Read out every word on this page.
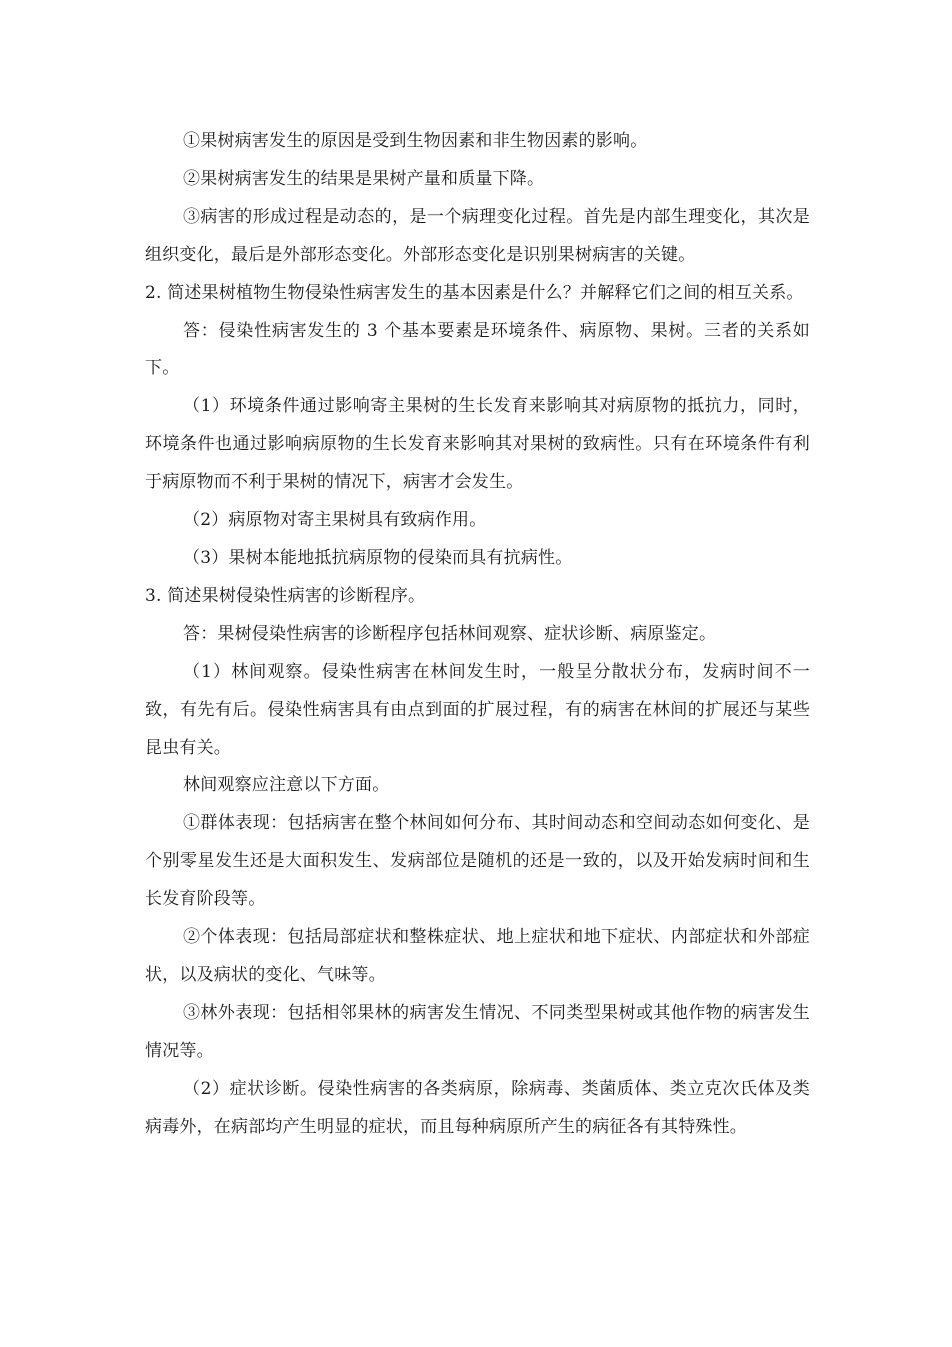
①果树病害发生的原因是受到生物因素和非生物因素的影响。

②果树病害发生的结果是果树产量和质量下降。

③病害的形成过程是动态的，是一个病理变化过程。首先是内部生理变化，其次是组织变化，最后是外部形态变化。外部形态变化是识别果树病害的关键。

2. 简述果树植物生物侵染性病害发生的基本因素是什么？并解释它们之间的相互关系。

答：侵染性病害发生的 3 个基本要素是环境条件、病原物、果树。三者的关系如下。

（1）环境条件通过影响寄主果树的生长发育来影响其对病原物的抵抗力，同时，环境条件也通过影响病原物的生长发育来影响其对果树的致病性。只有在环境条件有利于病原物而不利于果树的情况下，病害才会发生。

（2）病原物对寄主果树具有致病作用。

（3）果树本能地抵抗病原物的侵染而具有抗病性。

3. 简述果树侵染性病害的诊断程序。

答：果树侵染性病害的诊断程序包括林间观察、症状诊断、病原鉴定。

（1）林间观察。侵染性病害在林间发生时，一般呈分散状分布，发病时间不一致，有先有后。侵染性病害具有由点到面的扩展过程，有的病害在林间的扩展还与某些昆虫有关。

林间观察应注意以下方面。

①群体表现：包括病害在整个林间如何分布、其时间动态和空间动态如何变化、是个别零星发生还是大面积发生、发病部位是随机的还是一致的，以及开始发病时间和生长发育阶段等。

②个体表现：包括局部症状和整株症状、地上症状和地下症状、内部症状和外部症状，以及病状的变化、气味等。

③林外表现：包括相邻果林的病害发生情况、不同类型果树或其他作物的病害发生情况等。

（2）症状诊断。侵染性病害的各类病原，除病毒、类菌质体、类立克次氏体及类病毒外，在病部均产生明显的症状，而且每种病原所产生的病征各有其特殊性。
